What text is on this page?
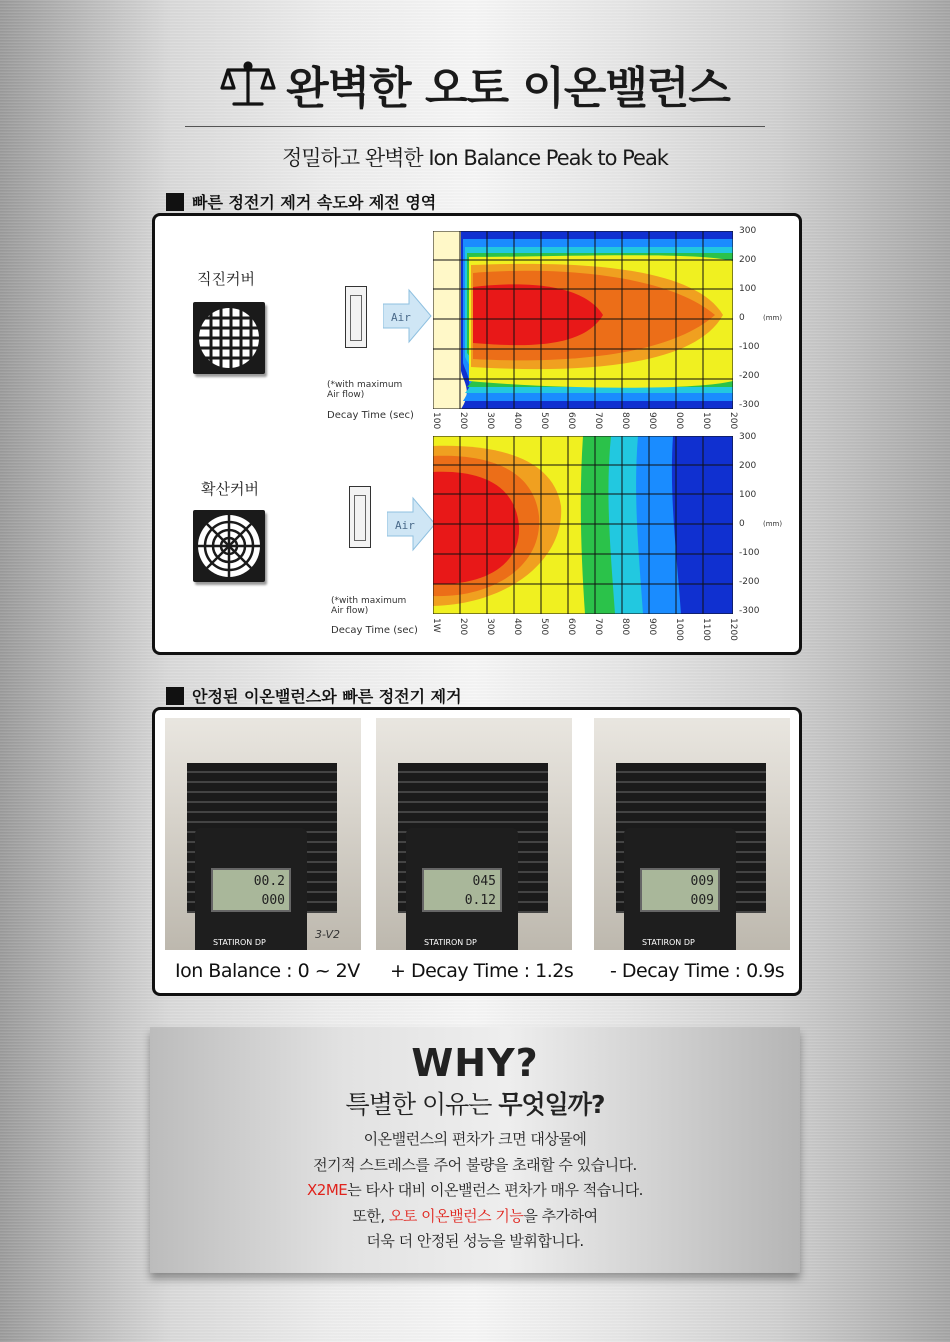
완벽한 오토 이온밸런스
정밀하고 완벽한 Ion Balance Peak to Peak
빠른 정전기 제거 속도와 제전 영역
직진커버
Air
(*with maximum Air flow)
Decay Time (sec)
300
200
100
0
-100
-200
-300
(mm)
100 200 300 400 500 600 700 800 900 000 100 200
확산커버
Air
(*with maximum Air flow)
Decay Time (sec)
300
200
100
0
-100
-200
-300
(mm)
1W 200 300 400 500 600 700 800 900 1000 1100 1200
안정된 이온밸런스와 빠른 정전기 제거
00.2
000
STATIRON DP
3-V2
045
0.12
STATIRON DP
009
009
STATIRON DP
Ion Balance : 0 ~ 2V + Decay Time : 1.2s - Decay Time : 0.9s
WHY?
특별한 이유는 무엇일까?
이온밸런스의 편차가 크면 대상물에
전기적 스트레스를 주어 불량을 초래할 수 있습니다.
X2ME는 타사 대비 이온밸런스 편차가 매우 적습니다.
또한, 오토 이온밸런스 기능을 추가하여
더욱 더 안정된 성능을 발휘합니다.
